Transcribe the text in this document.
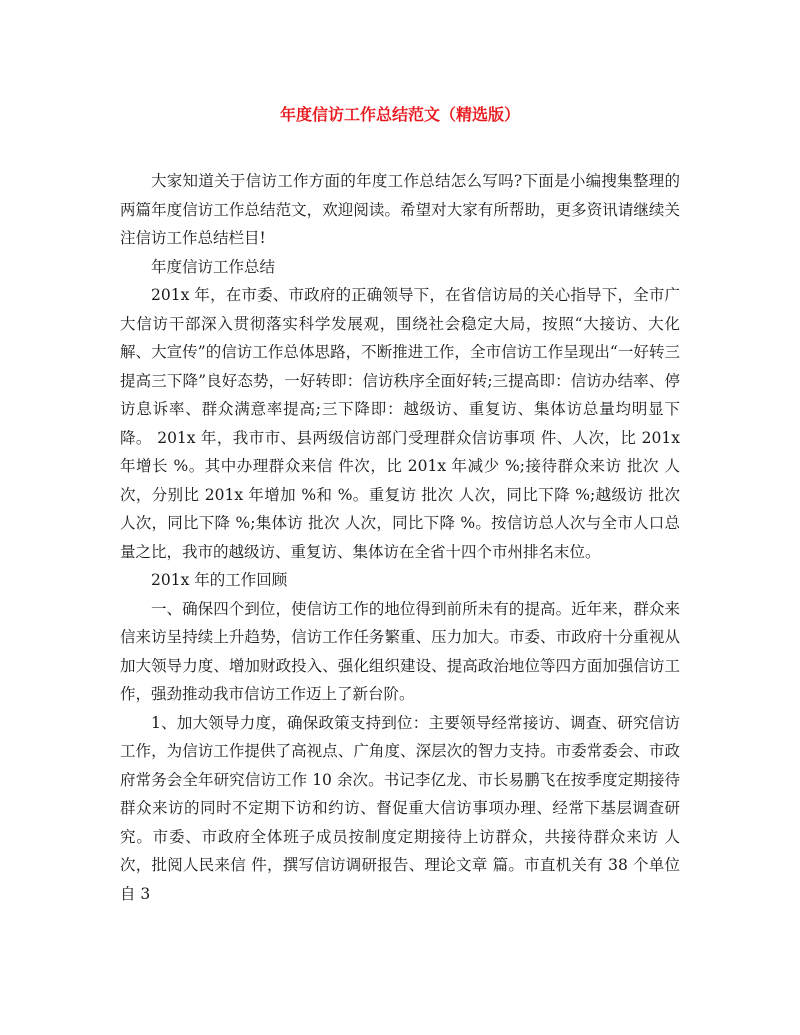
年度信访工作总结范文（精选版）

大家知道关于信访工作方面的年度工作总结怎么写吗?下面是小编搜集整理的两篇年度信访工作总结范文，欢迎阅读。希望对大家有所帮助，更多资讯请继续关注信访工作总结栏目!

年度信访工作总结

201x 年，在市委、市政府的正确领导下，在省信访局的关心指导下，全市广大信访干部深入贯彻落实科学发展观，围绕社会稳定大局，按照“大接访、大化解、大宣传”的信访工作总体思路，不断推进工作，全市信访工作呈现出“一好转三提高三下降”良好态势，一好转即：信访秩序全面好转;三提高即：信访办结率、停访息诉率、群众满意率提高;三下降即：越级访、重复访、集体访总量均明显下降。 201x 年，我市市、县两级信访部门受理群众信访事项 件、人次，比 201x 年增长 %。其中办理群众来信 件次，比 201x 年减少 %;接待群众来访 批次 人次，分别比 201x 年增加 %和 %。重复访 批次 人次，同比下降 %;越级访 批次 人次，同比下降 %;集体访 批次 人次，同比下降 %。按信访总人次与全市人口总量之比，我市的越级访、重复访、集体访在全省十四个市州排名末位。

201x 年的工作回顾

一、确保四个到位，使信访工作的地位得到前所未有的提高。近年来，群众来信来访呈持续上升趋势，信访工作任务繁重、压力加大。市委、市政府十分重视从加大领导力度、增加财政投入、强化组织建设、提高政治地位等四方面加强信访工作，强劲推动我市信访工作迈上了新台阶。

1、加大领导力度，确保政策支持到位：主要领导经常接访、调查、研究信访工作，为信访工作提供了高视点、广角度、深层次的智力支持。市委常委会、市政府常务会全年研究信访工作 10 余次。书记李亿龙、市长易鹏飞在按季度定期接待群众来访的同时不定期下访和约访、督促重大信访事项办理、经常下基层调查研究。市委、市政府全体班子成员按制度定期接待上访群众，共接待群众来访 人次，批阅人民来信 件，撰写信访调研报告、理论文章 篇。市直机关有 38 个单位自 3
